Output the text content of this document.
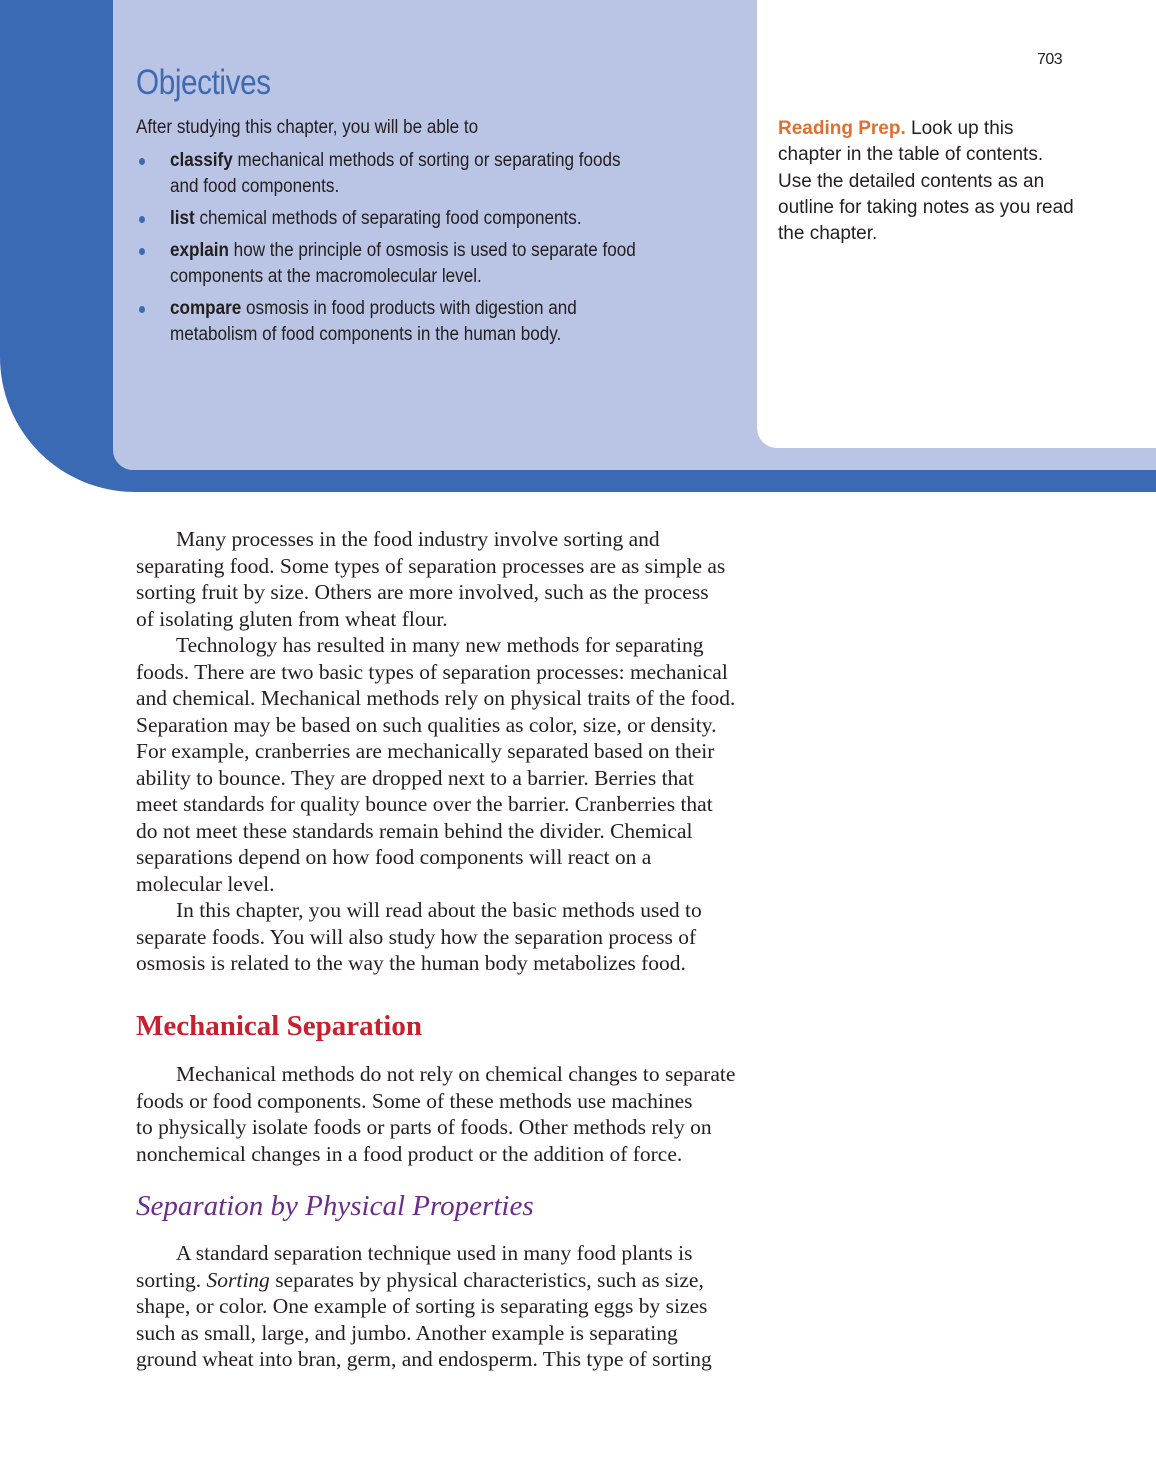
703
Objectives
After studying this chapter, you will be able to
classify mechanical methods of sorting or separating foods
and food components.
list chemical methods of separating food components.
explain how the principle of osmosis is used to separate food
components at the macromolecular level.
compare osmosis in food products with digestion and
metabolism of food components in the human body.
Reading Prep. Look up this chapter in the table of contents. Use the detailed contents as an outline for taking notes as you read the chapter.
Many processes in the food industry involve sorting and
separating food. Some types of separation processes are as simple as
sorting fruit by size. Others are more involved, such as the process
of isolating gluten from wheat flour.
Technology has resulted in many new methods for separating
foods. There are two basic types of separation processes: mechanical
and chemical. Mechanical methods rely on physical traits of the food.
Separation may be based on such qualities as color, size, or density.
For example, cranberries are mechanically separated based on their
ability to bounce. They are dropped next to a barrier. Berries that
meet standards for quality bounce over the barrier. Cranberries that
do not meet these standards remain behind the divider. Chemical
separations depend on how food components will react on a
molecular level.
In this chapter, you will read about the basic methods used to
separate foods. You will also study how the separation process of
osmosis is related to the way the human body metabolizes food.
Mechanical Separation
Mechanical methods do not rely on chemical changes to separate
foods or food components. Some of these methods use machines
to physically isolate foods or parts of foods. Other methods rely on
nonchemical changes in a food product or the addition of force.
Separation by Physical Properties
A standard separation technique used in many food plants is
sorting. Sorting separates by physical characteristics, such as size,
shape, or color. One example of sorting is separating eggs by sizes
such as small, large, and jumbo. Another example is separating
ground wheat into bran, germ, and endosperm. This type of sorting
